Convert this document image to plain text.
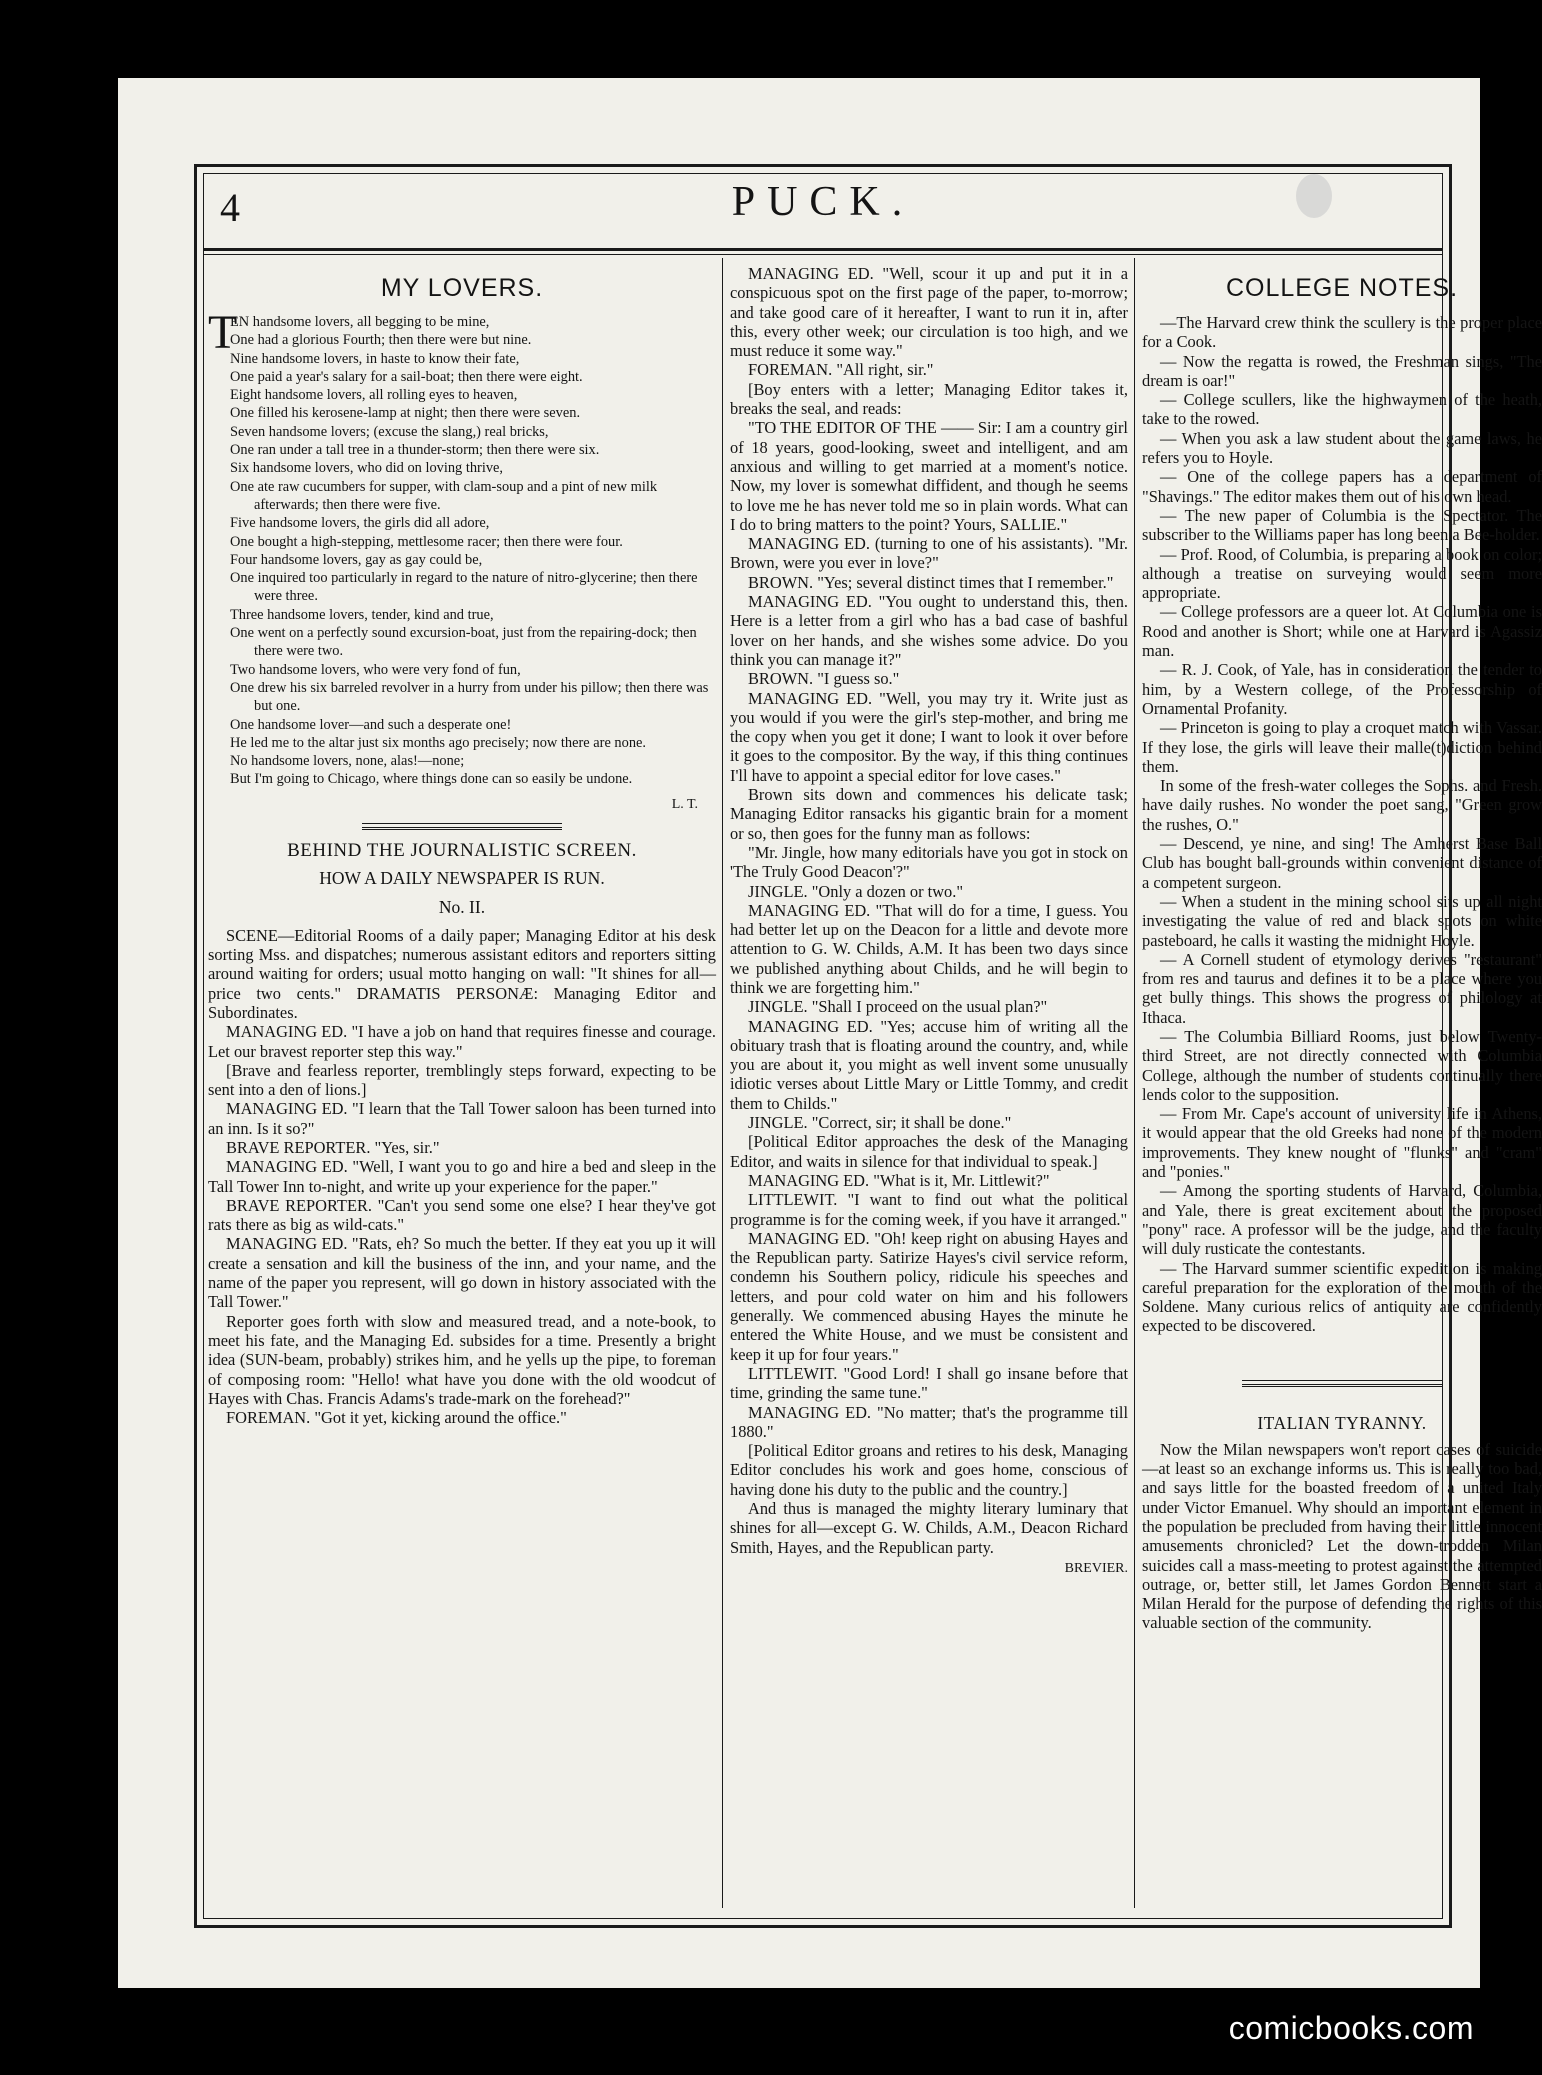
4	PUCK.
MY LOVERS.
T
EN handsome lovers, all begging to be mine,
One had a glorious Fourth; then there were but nine.
Nine handsome lovers, in haste to know their fate,
One paid a year's salary for a sail-boat; then there were eight.
Eight handsome lovers, all rolling eyes to heaven,
One filled his kerosene-lamp at night; then there were seven.
Seven handsome lovers; (excuse the slang,) real bricks,
One ran under a tall tree in a thunder-storm; then there were six.
Six handsome lovers, who did on loving thrive,
One ate raw cucumbers for supper, with clam-soup and a pint of new milk afterwards; then there were five.
Five handsome lovers, the girls did all adore,
One bought a high-stepping, mettlesome racer; then there were four.
Four handsome lovers, gay as gay could be,
One inquired too particularly in regard to the nature of nitro-glycerine; then there were three.
Three handsome lovers, tender, kind and true,
One went on a perfectly sound excursion-boat, just from the repairing-dock; then there were two.
Two handsome lovers, who were very fond of fun,
One drew his six barreled revolver in a hurry from under his pillow; then there was but one.
One handsome lover—and such a desperate one!
He led me to the altar just six months ago precisely; now there are none.
No handsome lovers, none, alas!—none;
But I'm going to Chicago, where things done can so easily be undone.
L. T.
BEHIND THE JOURNALISTIC SCREEN.
HOW A DAILY NEWSPAPER IS RUN.
No. II.

SCENE—Editorial Rooms of a daily paper; Managing Editor at his desk sorting Mss. and dispatches; numerous assistant editors and reporters sitting around waiting for orders; usual motto hanging on wall: "It shines for all—price two cents." DRAMATIS PERSONÆ: Managing Editor and Subordinates.

MANAGING ED. "I have a job on hand that requires finesse and courage. Let our bravest reporter step this way."

[Brave and fearless reporter, tremblingly steps forward, expecting to be sent into a den of lions.]

MANAGING ED. "I learn that the Tall Tower saloon has been turned into an inn. Is it so?"

BRAVE REPORTER. "Yes, sir."

MANAGING ED. "Well, I want you to go and hire a bed and sleep in the Tall Tower Inn to-night, and write up your experience for the paper."

BRAVE REPORTER. "Can't you send some one else? I hear they've got rats there as big as wild-cats."

MANAGING ED. "Rats, eh? So much the better. If they eat you up it will create a sensation and kill the business of the inn, and your name, and the name of the paper you represent, will go down in history associated with the Tall Tower."

Reporter goes forth with slow and measured tread, and a note-book, to meet his fate, and the Managing Ed. subsides for a time. Presently a bright idea (SUN-beam, probably) strikes him, and he yells up the pipe, to foreman of composing room: "Hello! what have you done with the old woodcut of Hayes with Chas. Francis Adams's trade-mark on the forehead?"

FOREMAN. "Got it yet, kicking around the office."

MANAGING ED. "Well, scour it up and put it in a conspicuous spot on the first page of the paper, to-morrow; and take good care of it hereafter, I want to run it in, after this, every other week; our circulation is too high, and we must reduce it some way."

FOREMAN. "All right, sir."

[Boy enters with a letter; Managing Editor takes it, breaks the seal, and reads:

"TO THE EDITOR OF THE —— Sir: I am a country girl of 18 years, good-looking, sweet and intelligent, and am anxious and willing to get married at a moment's notice. Now, my lover is somewhat diffident, and though he seems to love me he has never told me so in plain words. What can I do to bring matters to the point? Yours, SALLIE."

MANAGING ED. (turning to one of his assistants). "Mr. Brown, were you ever in love?"

BROWN. "Yes; several distinct times that I remember."

MANAGING ED. "You ought to understand this, then. Here is a letter from a girl who has a bad case of bashful lover on her hands, and she wishes some advice. Do you think you can manage it?"

BROWN. "I guess so."

MANAGING ED. "Well, you may try it. Write just as you would if you were the girl's step-mother, and bring me the copy when you get it done; I want to look it over before it goes to the compositor. By the way, if this thing continues I'll have to appoint a special editor for love cases."

Brown sits down and commences his delicate task; Managing Editor ransacks his gigantic brain for a moment or so, then goes for the funny man as follows:

"Mr. Jingle, how many editorials have you got in stock on 'The Truly Good Deacon'?"

JINGLE. "Only a dozen or two."

MANAGING ED. "That will do for a time, I guess. You had better let up on the Deacon for a little and devote more attention to G. W. Childs, A.M. It has been two days since we published anything about Childs, and he will begin to think we are forgetting him."

JINGLE. "Shall I proceed on the usual plan?"

MANAGING ED. "Yes; accuse him of writing all the obituary trash that is floating around the country, and, while you are about it, you might as well invent some unusually idiotic verses about Little Mary or Little Tommy, and credit them to Childs."

JINGLE. "Correct, sir; it shall be done."

[Political Editor approaches the desk of the Managing Editor, and waits in silence for that individual to speak.]

MANAGING ED. "What is it, Mr. Littlewit?"

LITTLEWIT. "I want to find out what the political programme is for the coming week, if you have it arranged."

MANAGING ED. "Oh! keep right on abusing Hayes and the Republican party. Satirize Hayes's civil service reform, condemn his Southern policy, ridicule his speeches and letters, and pour cold water on him and his followers generally. We commenced abusing Hayes the minute he entered the White House, and we must be consistent and keep it up for four years."

LITTLEWIT. "Good Lord! I shall go insane before that time, grinding the same tune."

MANAGING ED. "No matter; that's the programme till 1880."

[Political Editor groans and retires to his desk, Managing Editor concludes his work and goes home, conscious of having done his duty to the public and the country.]

And thus is managed the mighty literary luminary that shines for all—except G. W. Childs, A.M., Deacon Richard Smith, Hayes, and the Republican party.

BREVIER.
COLLEGE NOTES.

—The Harvard crew think the scullery is the proper place for a Cook.

— Now the regatta is rowed, the Freshman sings, "The dream is oar!"

— College scullers, like the highwaymen of the heath, take to the rowed.

— When you ask a law student about the game laws, he refers you to Hoyle.

— One of the college papers has a department of "Shavings." The editor makes them out of his own head.

— The new paper of Columbia is the Spectator. The subscriber to the Williams paper has long been a Bee-holder.

— Prof. Rood, of Columbia, is preparing a book on color; although a treatise on surveying would seem more appropriate.

— College professors are a queer lot. At Columbia one is Rood and another is Short; while one at Harvard is Agassiz man.

— R. J. Cook, of Yale, has in consideration the tender to him, by a Western college, of the Professorship of Ornamental Profanity.

— Princeton is going to play a croquet match with Vassar. If they lose, the girls will leave their malle(t)diction behind them.

In some of the fresh-water colleges the Sophs. and Fresh. have daily rushes. No wonder the poet sang, "Green grow the rushes, O."

— Descend, ye nine, and sing! The Amherst Base Ball Club has bought ball-grounds within convenient distance of a competent surgeon.

— When a student in the mining school sits up all night investigating the value of red and black spots on white pasteboard, he calls it wasting the midnight Hoyle.

— A Cornell student of etymology derives "restaurant" from res and taurus and defines it to be a place where you get bully things. This shows the progress of philology at Ithaca.

— The Columbia Billiard Rooms, just below Twenty-third Street, are not directly connected with Columbia College, although the number of students continually there lends color to the supposition.

— From Mr. Cape's account of university life in Athens, it would appear that the old Greeks had none of the modern improvements. They knew nought of "flunks" and "cram" and "ponies."

— Among the sporting students of Harvard, Columbia, and Yale, there is great excitement about the proposed "pony" race. A professor will be the judge, and the faculty will duly rusticate the contestants.

— The Harvard summer scientific expedition is making careful preparation for the exploration of the mouth of the Soldene. Many curious relics of antiquity are confidently expected to be discovered.

ITALIAN TYRANNY.

Now the Milan newspapers won't report cases of suicide—at least so an exchange informs us. This is really too bad, and says little for the boasted freedom of a united Italy under Victor Emanuel. Why should an important element in the population be precluded from having their little innocent amusements chronicled? Let the down-trodden Milan suicides call a mass-meeting to protest against the attempted outrage, or, better still, let James Gordon Bennett start a Milan Herald for the purpose of defending the rights of this valuable section of the community.

comicbooks.com
